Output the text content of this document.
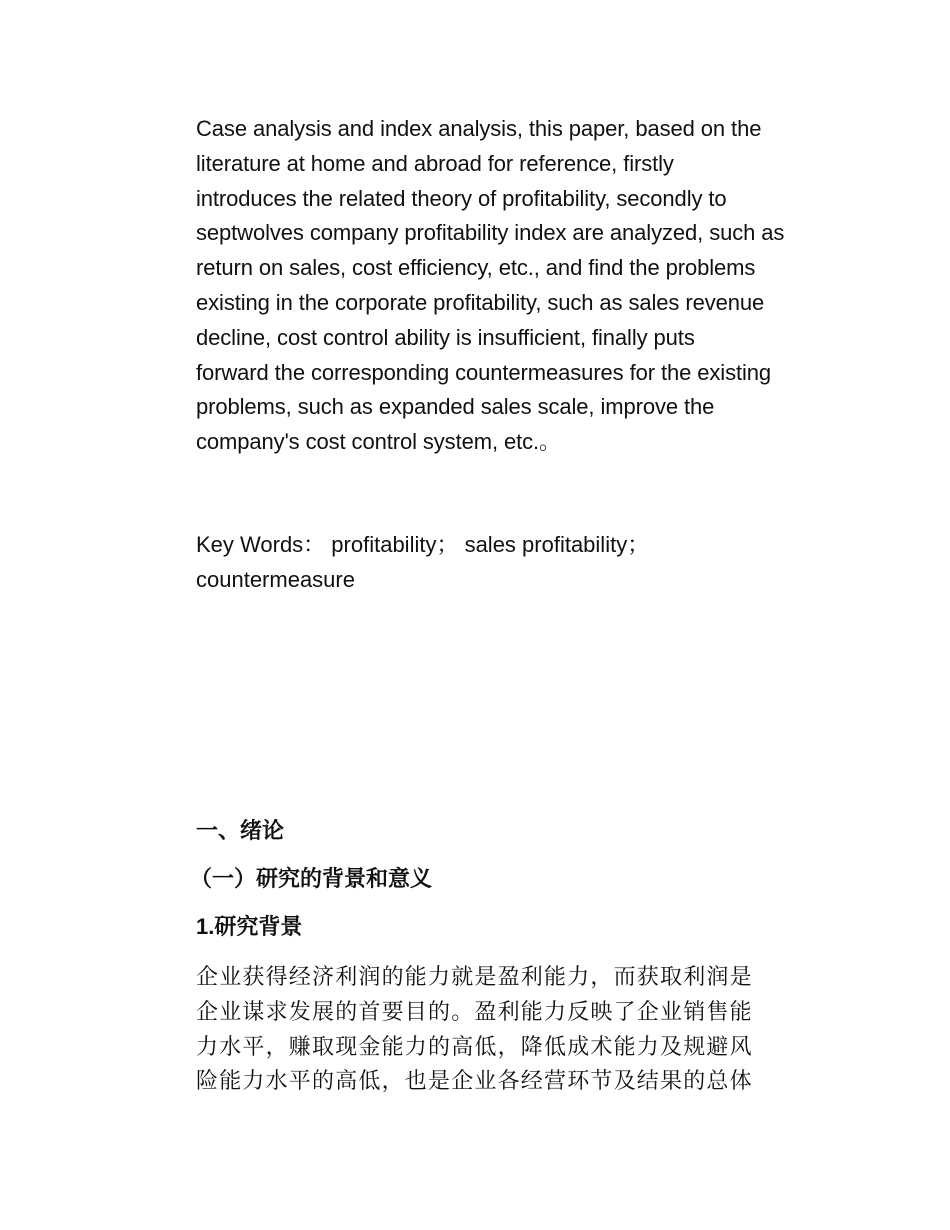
Case analysis and index analysis, this paper, based on the
literature at home and abroad for reference, firstly
introduces the related theory of profitability, secondly to
septwolves company profitability index are analyzed, such as
return on sales, cost efficiency, etc., and find the problems
existing in the corporate profitability, such as sales revenue
decline, cost control ability is insufficient, finally puts
forward the corresponding countermeasures for the existing
problems, such as expanded sales scale, improve the
company's cost control system, etc.。

Key Words： profitability； sales profitability；
countermeasure

一、绪论
（一）研究的背景和意义
1.研究背景

企业获得经济利润的能力就是盈利能力，而获取利润是
企业谋求发展的首要目的。盈利能力反映了企业销售能
力水平，赚取现金能力的高低，降低成术能力及规避风
险能力水平的高低，也是企业各经营环节及结果的总体
